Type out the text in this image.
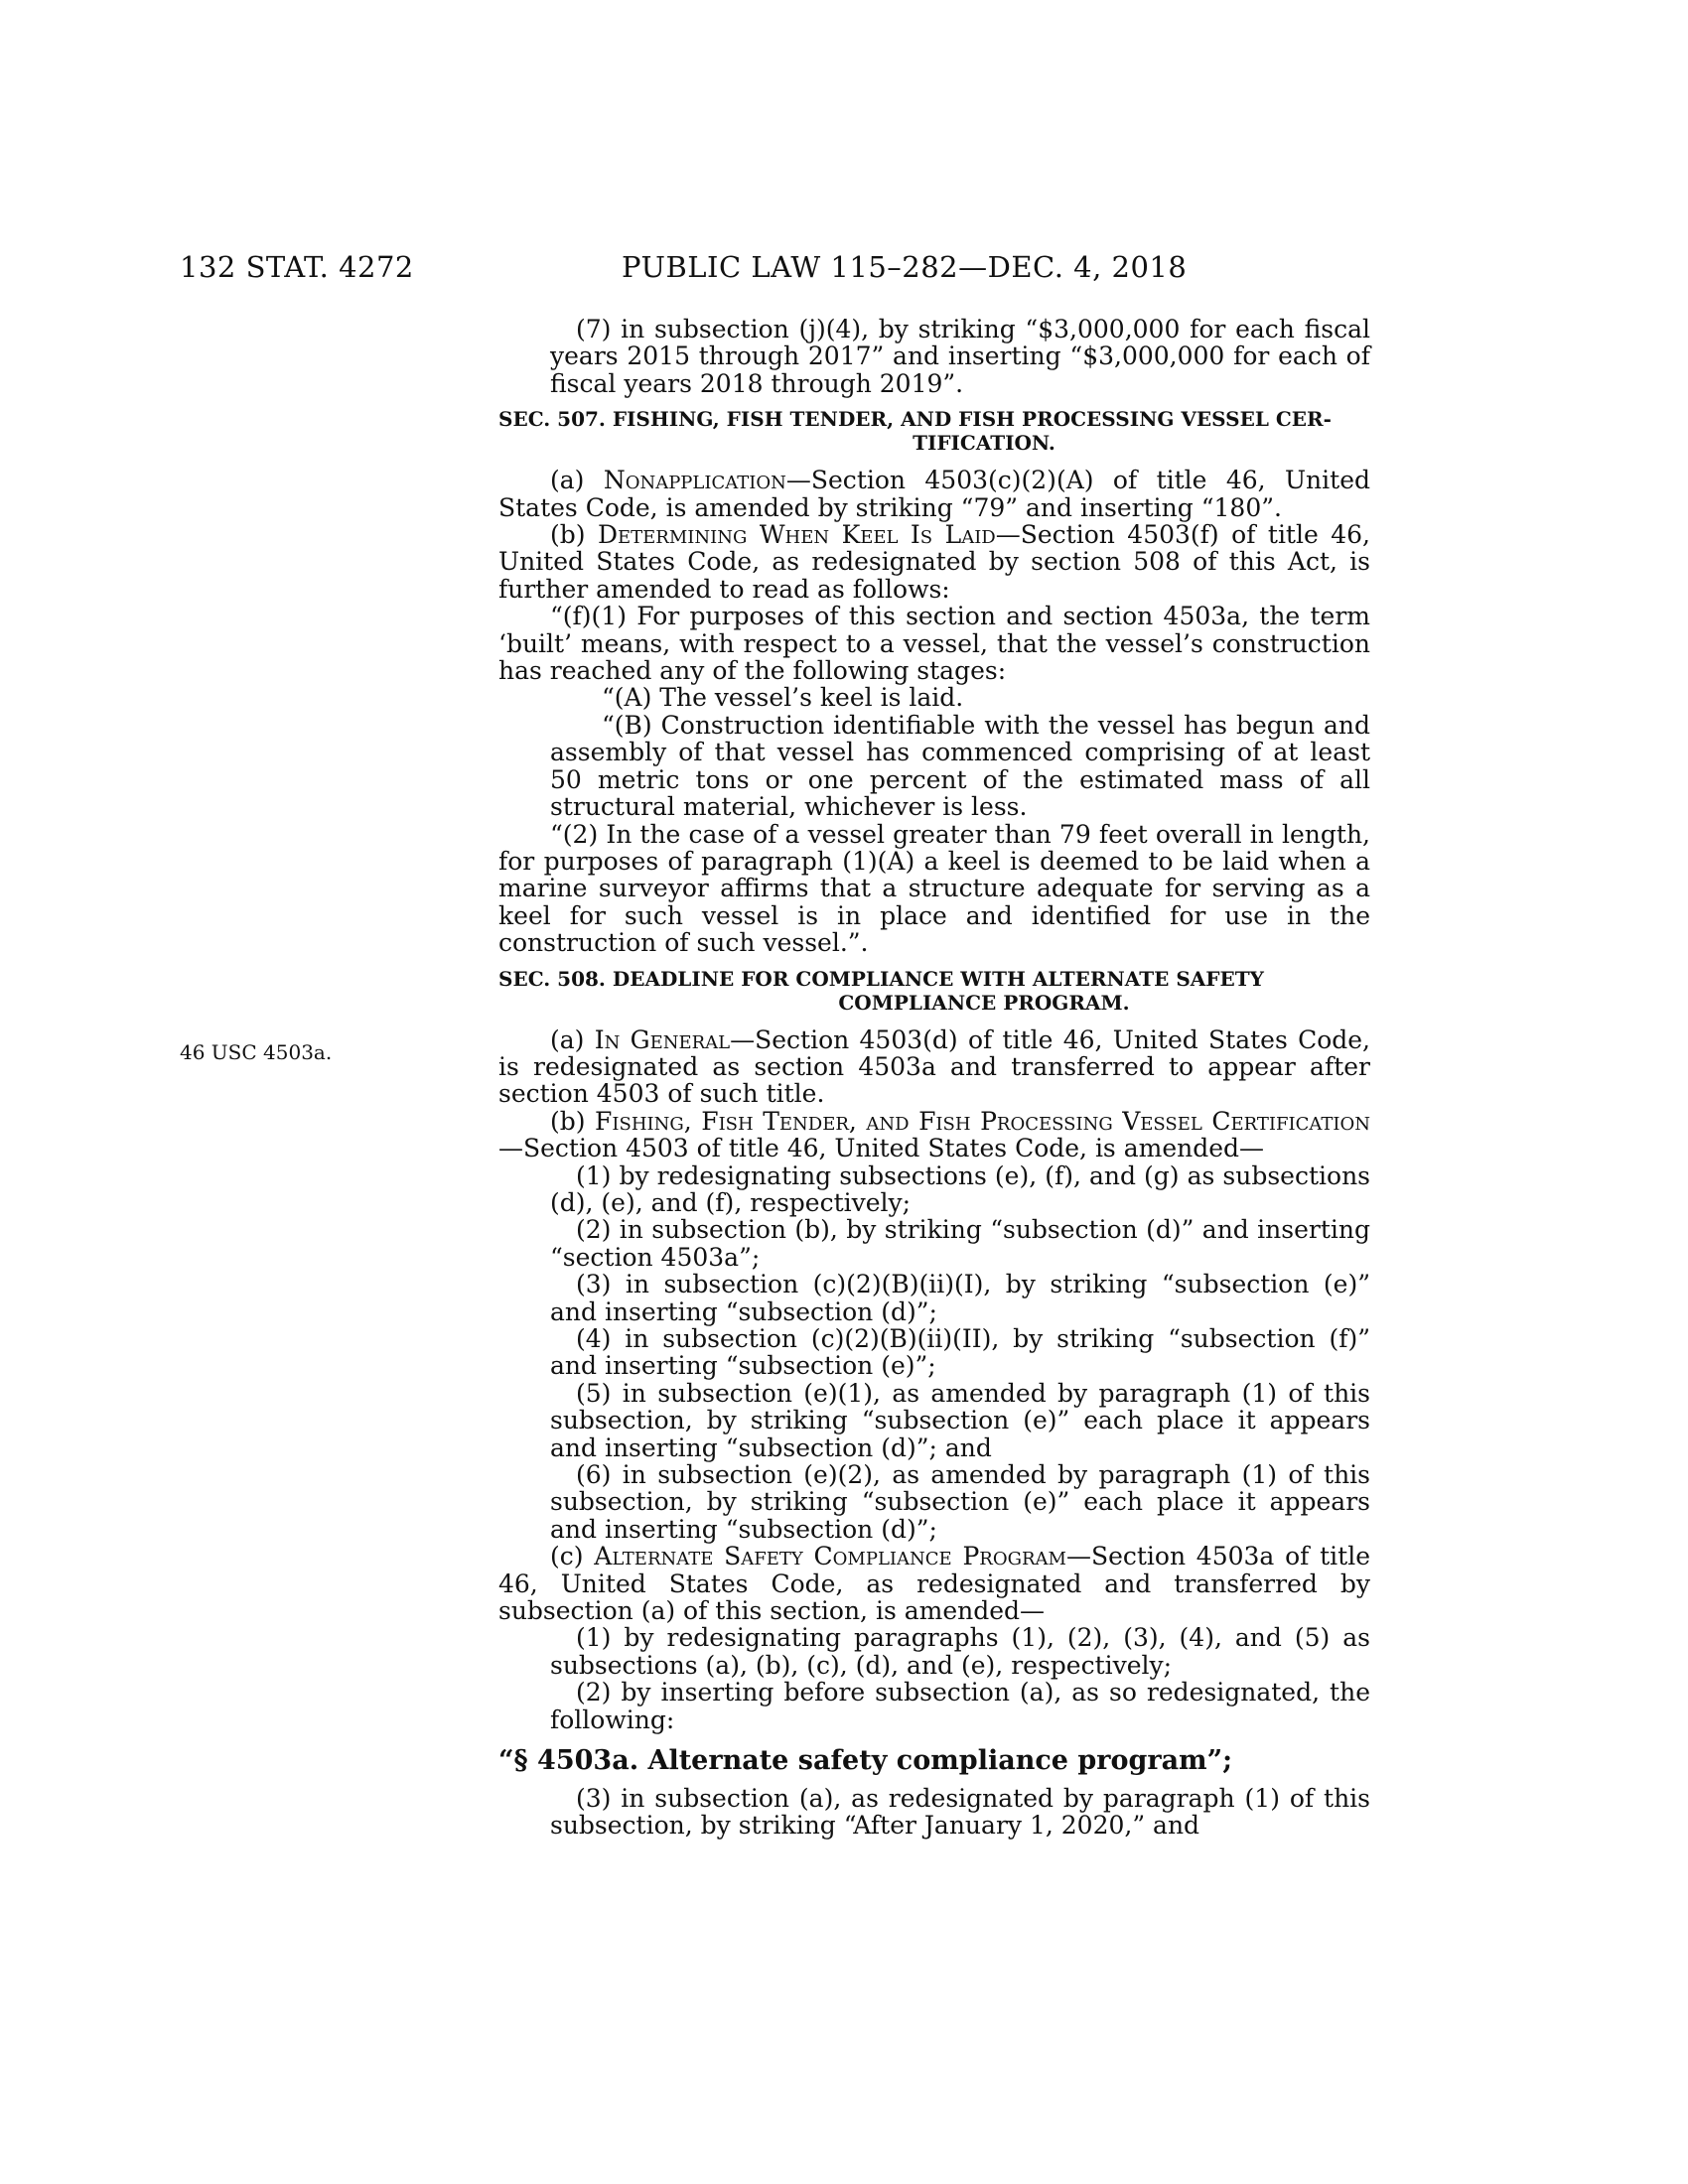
132 STAT. 4272	PUBLIC LAW 115–282—DEC. 4, 2018
46 USC 4503a.

(7) in subsection (j)(4), by striking “$3,000,000 for each fiscal years 2015 through 2017” and inserting “$3,000,000 for each of fiscal years 2018 through 2019”.

SEC. 507. FISHING, FISH TENDER, AND FISH PROCESSING VESSEL CER-
TIFICATION.

(a) Nonapplication—Section 4503(c)(2)(A) of title 46, United States Code, is amended by striking “79” and inserting “180”.

(b) Determining When Keel Is Laid—Section 4503(f) of title 46, United States Code, as redesignated by section 508 of this Act, is further amended to read as follows:

“(f)(1) For purposes of this section and section 4503a, the term ‘built’ means, with respect to a vessel, that the vessel’s construction has reached any of the following stages:

“(A) The vessel’s keel is laid.

“(B) Construction identifiable with the vessel has begun and assembly of that vessel has commenced comprising of at least 50 metric tons or one percent of the estimated mass of all structural material, whichever is less.

“(2) In the case of a vessel greater than 79 feet overall in length, for purposes of paragraph (1)(A) a keel is deemed to be laid when a marine surveyor affirms that a structure adequate for serving as a keel for such vessel is in place and identified for use in the construction of such vessel.”.

SEC. 508. DEADLINE FOR COMPLIANCE WITH ALTERNATE SAFETY
COMPLIANCE PROGRAM.

(a) In General—Section 4503(d) of title 46, United States Code, is redesignated as section 4503a and transferred to appear after section 4503 of such title.

(b) Fishing, Fish Tender, and Fish Processing Vessel Certification—Section 4503 of title 46, United States Code, is amended—

(1) by redesignating subsections (e), (f), and (g) as subsections (d), (e), and (f), respectively;

(2) in subsection (b), by striking “subsection (d)” and inserting “section 4503a”;

(3) in subsection (c)(2)(B)(ii)(I), by striking “subsection (e)” and inserting “subsection (d)”;

(4) in subsection (c)(2)(B)(ii)(II), by striking “subsection (f)” and inserting “subsection (e)”;

(5) in subsection (e)(1), as amended by paragraph (1) of this subsection, by striking “subsection (e)” each place it appears and inserting “subsection (d)”; and

(6) in subsection (e)(2), as amended by paragraph (1) of this subsection, by striking “subsection (e)” each place it appears and inserting “subsection (d)”;

(c) Alternate Safety Compliance Program—Section 4503a of title 46, United States Code, as redesignated and transferred by subsection (a) of this section, is amended—

(1) by redesignating paragraphs (1), (2), (3), (4), and (5) as subsections (a), (b), (c), (d), and (e), respectively;

(2) by inserting before subsection (a), as so redesignated, the following:

“§ 4503a. Alternate safety compliance program”;

(3) in subsection (a), as redesignated by paragraph (1) of this subsection, by striking “After January 1, 2020,” and
